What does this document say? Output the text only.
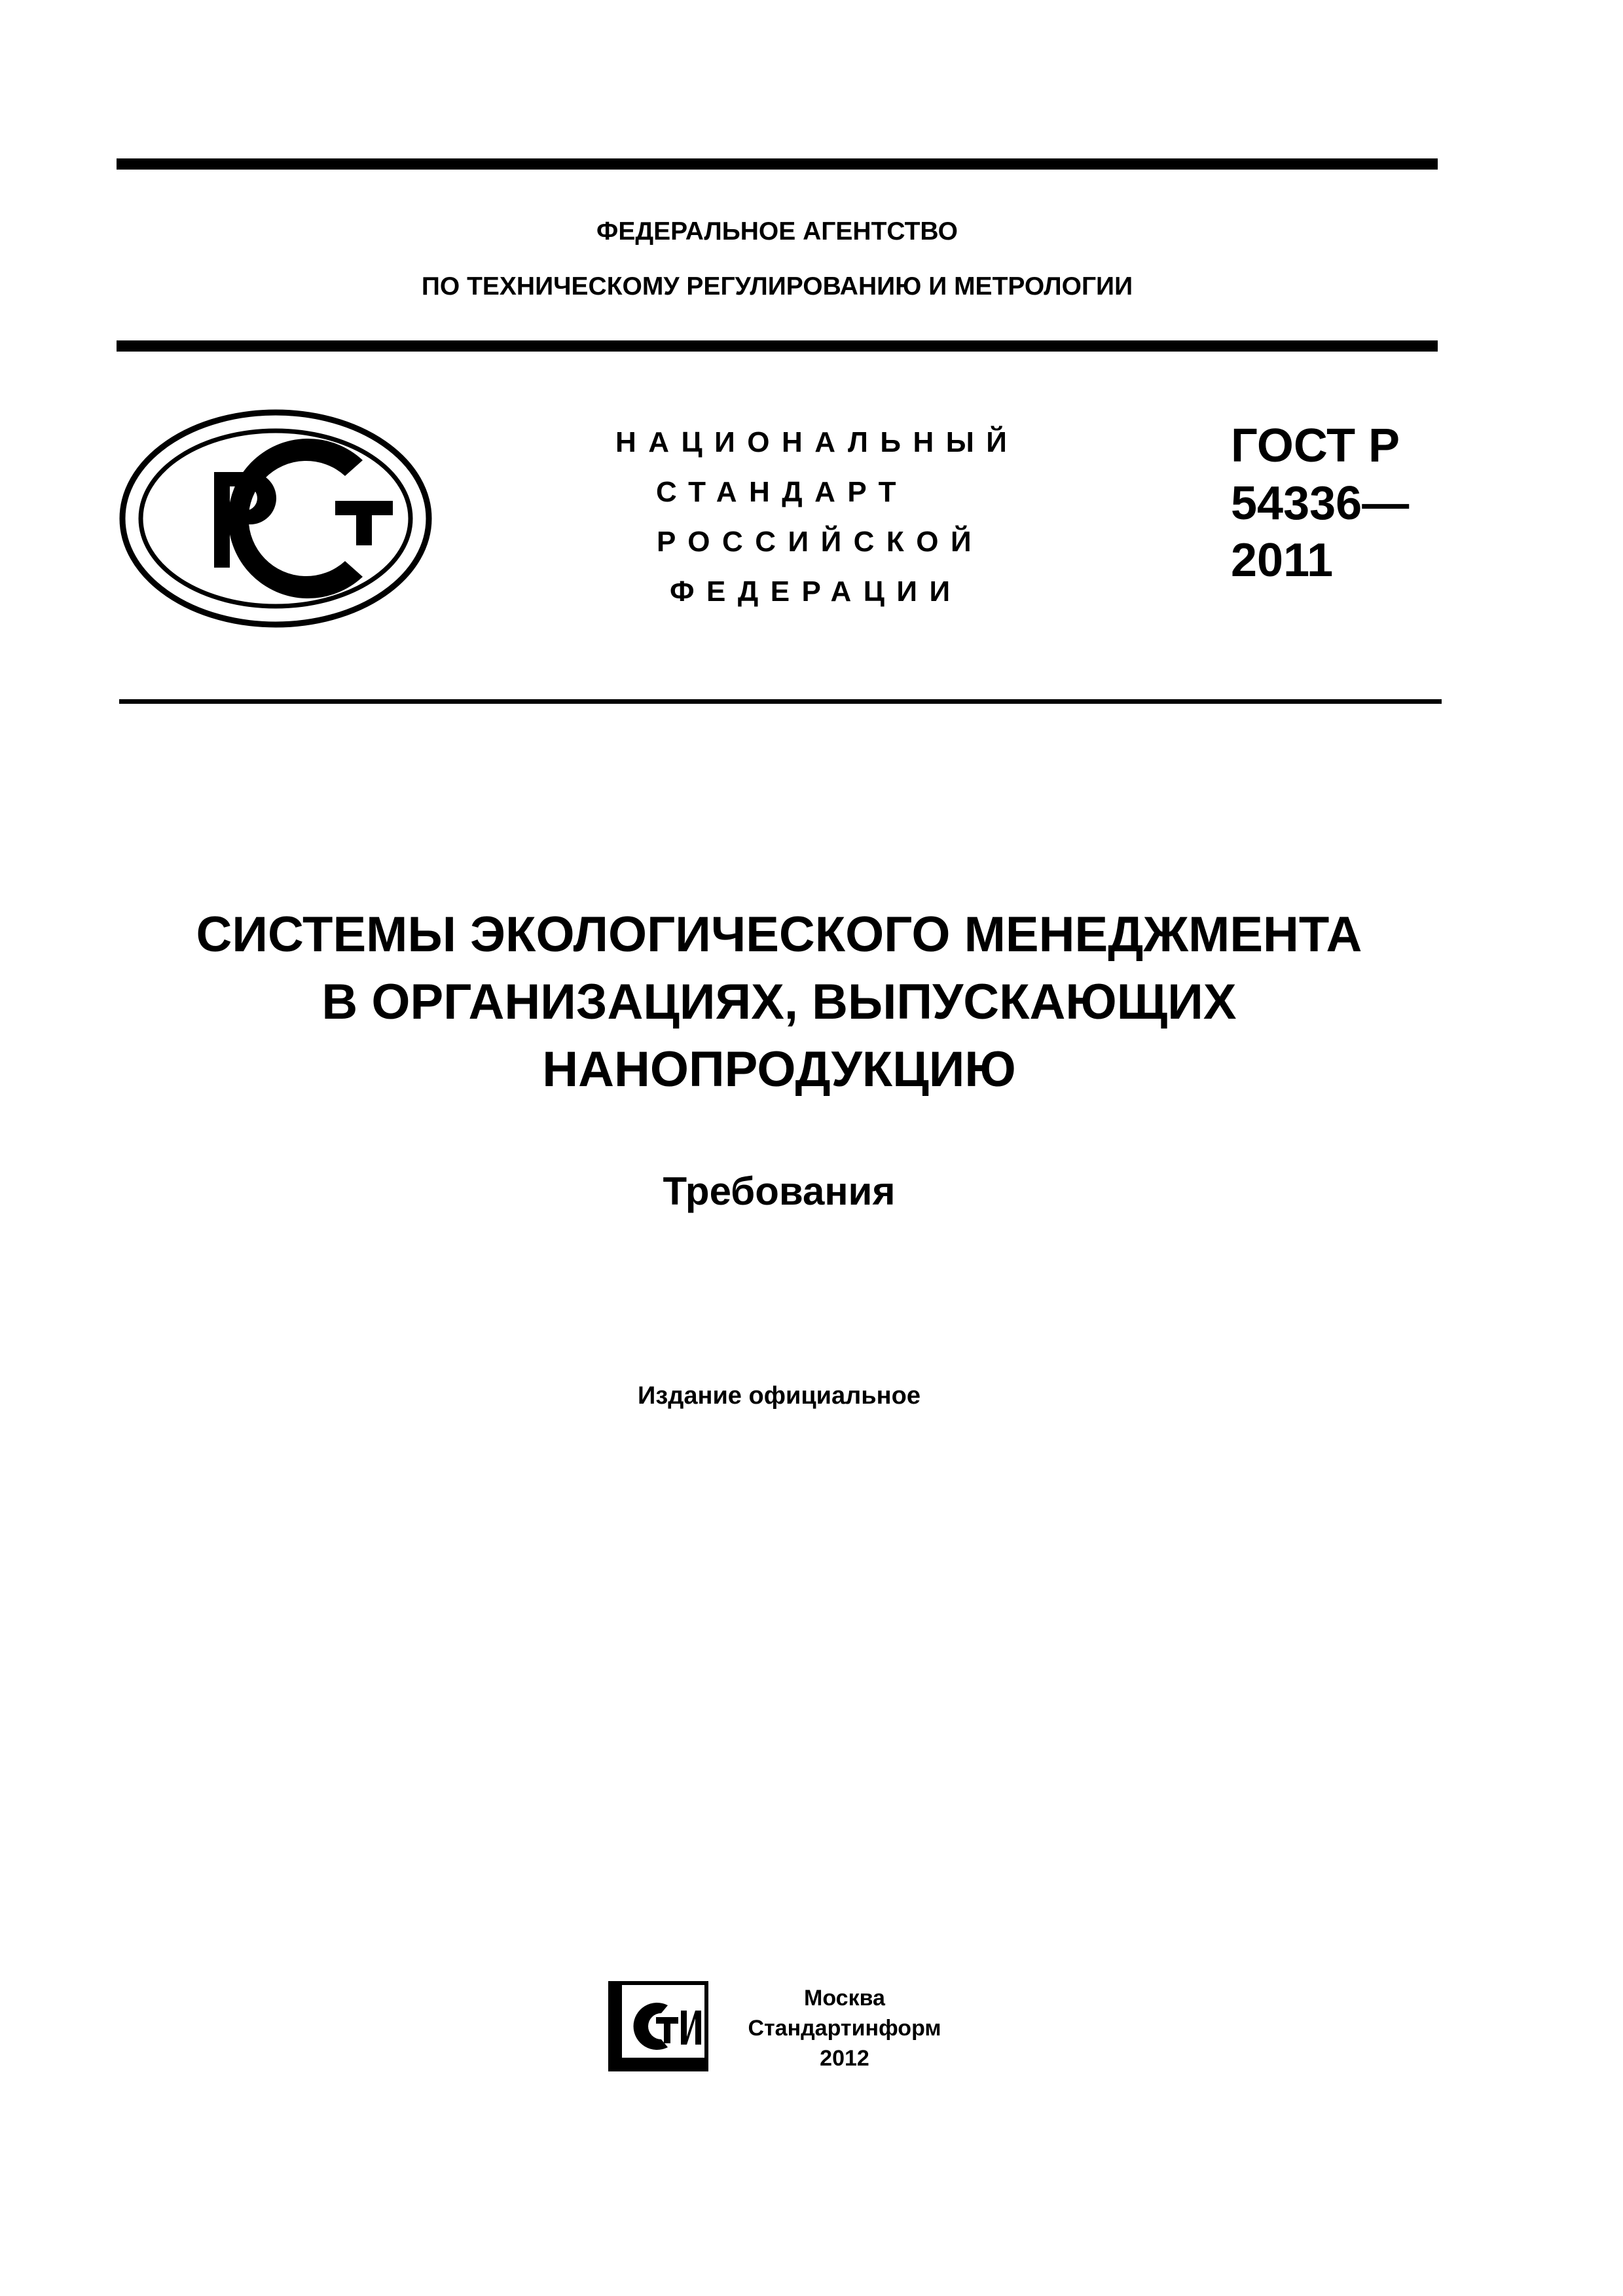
ФЕДЕРАЛЬНОЕ АГЕНТСТВО
ПО ТЕХНИЧЕСКОМУ РЕГУЛИРОВАНИЮ И МЕТРОЛОГИИ
НАЦИОНАЛЬНЫЙ
СТАНДАРТ
РОССИЙСКОЙ
ФЕДЕРАЦИИ
ГОСТ Р
54336—
2011
СИСТЕМЫ ЭКОЛОГИЧЕСКОГО МЕНЕДЖМЕНТА
В ОРГАНИЗАЦИЯХ, ВЫПУСКАЮЩИХ
НАНОПРОДУКЦИЮ
Требования
Издание официальное
Москва
Стандартинформ
2012
